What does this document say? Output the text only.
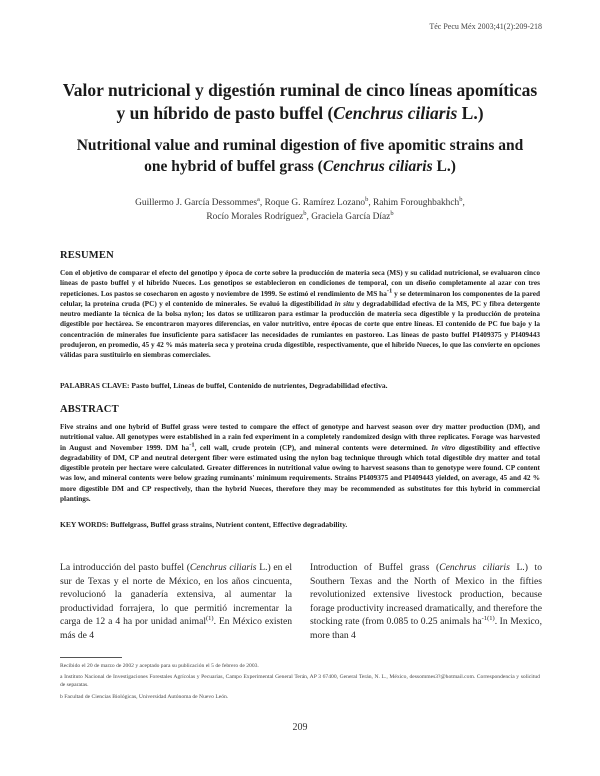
Téc Pecu Méx 2003;41(2):209-218
Valor nutricional y digestión ruminal de cinco líneas apomíticas
y un híbrido de pasto buffel (Cenchrus ciliaris L.)
Nutritional value and ruminal digestion of five apomitic strains and
one hybrid of buffel grass (Cenchrus ciliaris L.)
Guillermo J. García Dessommes$^a$, Roque G. Ramírez Lozano$^b$, Rahim Foroughbakhch$^b$,
Rocío Morales Rodríguez$^b$, Graciela García Díaz$^b$
RESUMEN
Con el objetivo de comparar el efecto del genotipo y época de corte sobre la producción de materia seca (MS) y su calidad nutricional, se evaluaron cinco líneas de pasto buffel y el híbrido Nueces. Los genotipos se establecieron en condiciones de temporal, con un diseño completamente al azar con tres repeticiones. Los pastos se cosecharon en agosto y noviembre de 1999. Se estimó el rendimiento de MS ha-1 y se determinaron los componentes de la pared celular, la proteína cruda (PC) y el contenido de minerales. Se evaluó la digestibilidad in situ y degradabilidad efectiva de la MS, PC y fibra detergente neutro mediante la técnica de la bolsa nylon; los datos se utilizaron para estimar la producción de materia seca digestible y la producción de proteína digestible por hectárea. Se encontraron mayores diferencias, en valor nutritivo, entre épocas de corte que entre líneas. El contenido de PC fue bajo y la concentración de minerales fue insuficiente para satisfacer las necesidades de rumiantes en pastoreo. Las líneas de pasto buffel PI409375 y PI409443 produjeron, en promedio, 45 y 42 % más materia seca y proteína cruda digestible, respectivamente, que el híbrido Nueces, lo que las convierte en opciones válidas para sustituirlo en siembras comerciales.
PALABRAS CLAVE: Pasto buffel, Líneas de buffel, Contenido de nutrientes, Degradabilidad efectiva.
ABSTRACT
Five strains and one hybrid of Buffel grass were tested to compare the effect of genotype and harvest season over dry matter production (DM), and nutritional value. All genotypes were established in a rain fed experiment in a completely randomized design with three replicates. Forage was harvested in August and November 1999. DM ha-1, cell wall, crude protein (CP), and mineral contents were determined. In vitro digestibility and effective degradability of DM, CP and neutral detergent fiber were estimated using the nylon bag technique through which total digestible dry matter and total digestible protein per hectare were calculated. Greater differences in nutritional value owing to harvest seasons than to genotype were found. CP content was low, and mineral contents were below grazing ruminants' minimum requirements. Strains PI409375 and PI409443 yielded, on average, 45 and 42 % more digestible DM and CP respectively, than the hybrid Nueces, therefore they may be recommended as substitutes for this hybrid in commercial plantings.
KEY WORDS: Buffelgrass, Buffel grass strains, Nutrient content, Effective degradability.
La introducción del pasto buffel (Cenchrus ciliaris L.) en el sur de Texas y el norte de México, en los años cincuenta, revolucionó la ganadería extensiva, al aumentar la productividad forrajera, lo que permitió incrementar la carga de 12 a 4 ha por unidad animal$^{(1)}$. En México existen más de 4
Introduction of Buffel grass (Cenchrus ciliaris L.) to Southern Texas and the North of Mexico in the fifties revolutionized extensive livestock production, because forage productivity increased dramatically, and therefore the stocking rate (from 0.085 to 0.25 animals $ha^{-1(1)}$. In Mexico, more than 4
Recibido el 20 de marzo de 2002 y aceptado para su publicación el 5 de febrero de 2003.
a Instituto Nacional de Investigaciones Forestales Agrícolas y Pecuarias, Campo Experimental General Terán, AP 3 67400, General Terán, N. L., México, dessommes3?@hotmail.com. Correspondencia y solicitud de separatas.
b Facultad de Ciencias Biológicas, Universidad Autónoma de Nuevo León.
209
